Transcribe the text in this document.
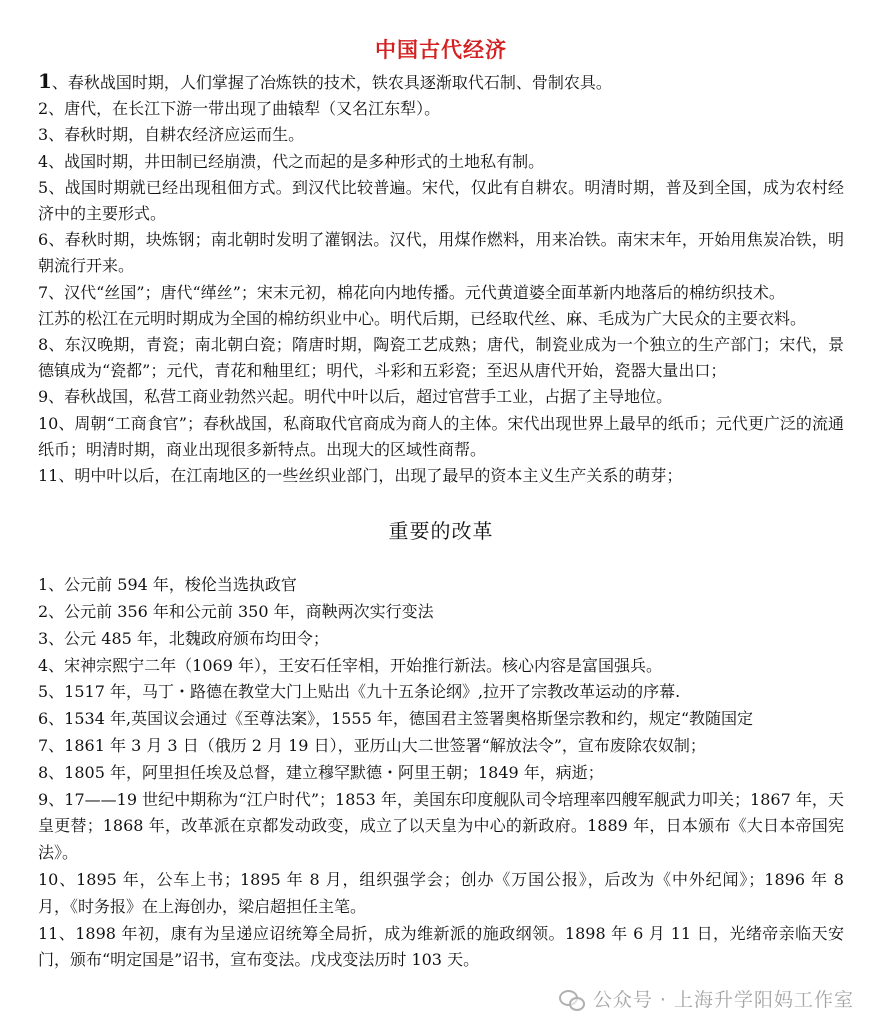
中国古代经济

1、春秋战国时期，人们掌握了冶炼铁的技术，铁农具逐渐取代石制、骨制农具。

2、唐代，在长江下游一带出现了曲辕犁（又名江东犁）。

3、春秋时期，自耕农经济应运而生。

4、战国时期，井田制已经崩溃，代之而起的是多种形式的土地私有制。

5、战国时期就已经出现租佃方式。到汉代比较普遍。宋代，仅此有自耕农。明清时期，普及到全国，成为农村经济中的主要形式。

6、春秋时期，块炼钢；南北朝时发明了灌钢法。汉代，用煤作燃料，用来冶铁。南宋末年，开始用焦炭冶铁，明朝流行开来。

7、汉代“丝国”；唐代“缂丝”；宋末元初，棉花向内地传播。元代黄道婆全面革新内地落后的棉纺织技术。

江苏的松江在元明时期成为全国的棉纺织业中心。明代后期，已经取代丝、麻、毛成为广大民众的主要衣料。

8、东汉晚期，青瓷；南北朝白瓷；隋唐时期，陶瓷工艺成熟；唐代，制瓷业成为一个独立的生产部门；宋代，景德镇成为“瓷都”；元代，青花和釉里红；明代，斗彩和五彩瓷；至迟从唐代开始，瓷器大量出口；

9、春秋战国，私营工商业勃然兴起。明代中叶以后，超过官营手工业，占据了主导地位。

10、周朝“工商食官”；春秋战国，私商取代官商成为商人的主体。宋代出现世界上最早的纸币；元代更广泛的流通纸币；明清时期，商业出现很多新特点。出现大的区域性商帮。

11、明中叶以后，在江南地区的一些丝织业部门，出现了最早的资本主义生产关系的萌芽；

重要的改革

1、公元前 594 年，梭伦当选执政官

2、公元前 356 年和公元前 350 年，商鞅两次实行变法

3、公元 485 年，北魏政府颁布均田令；

4、宋神宗熙宁二年（1069 年），王安石任宰相，开始推行新法。核心内容是富国强兵。

5、1517 年，马丁・路德在教堂大门上贴出《九十五条论纲》,拉开了宗教改革运动的序幕.

6、1534 年,英国议会通过《至尊法案》，1555 年，德国君主签署奥格斯堡宗教和约，规定“教随国定

7、1861 年 3 月 3 日（俄历 2 月 19 日），亚历山大二世签署“解放法令”，宣布废除农奴制；

8、1805 年，阿里担任埃及总督，建立穆罕默德・阿里王朝；1849 年，病逝；

9、17——19 世纪中期称为“江户时代”；1853 年，美国东印度舰队司令培理率四艘军舰武力叩关；1867 年，天皇更替；1868 年，改革派在京都发动政变，成立了以天皇为中心的新政府。1889 年，日本颁布《大日本帝国宪法》。

10、1895 年，公车上书；1895 年 8 月，组织强学会；创办《万国公报》，后改为《中外纪闻》；1896 年 8 月，《时务报》在上海创办，梁启超担任主笔。

11、1898 年初，康有为呈递应诏统筹全局折，成为维新派的施政纲领。1898 年 6 月 11 日，光绪帝亲临天安门，颁布“明定国是”诏书，宣布变法。戊戌变法历时 103 天。

公众号 · 上海升学阳妈工作室
